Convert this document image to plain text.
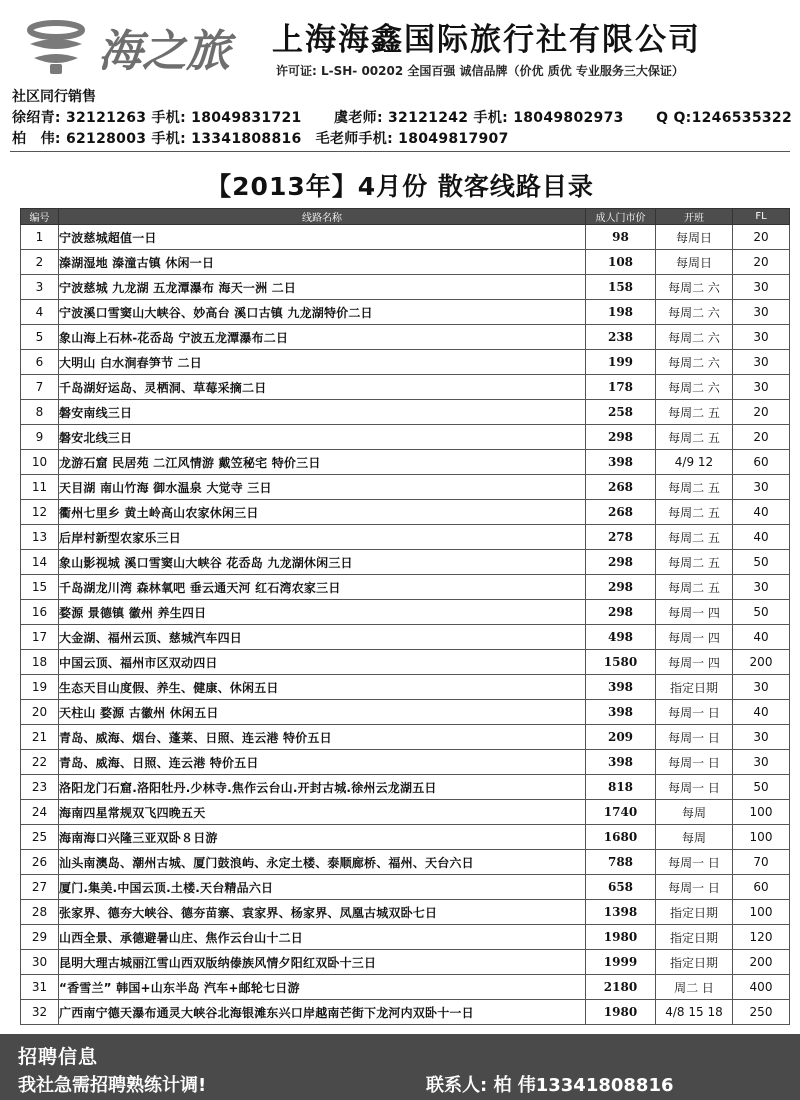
海之旅 上海海鑫国际旅行社有限公司
许可证: L-SH- 00202 全国百强 诚信品牌（价优 质优 专业服务三大保证）
社区同行销售
徐绍青: 32121263 手机: 18049831721 虞老师: 32121242 手机: 18049802973 Q Q:1246535322
柏　伟: 62128003 手机: 13341808816 毛老师手机: 18049817907
【2013年】4月份 散客线路目录
编号	线路名称	成人门市价	开班	FL
1	宁波慈城超值一日	98	每周日	20
2	溱湖湿地 溱潼古镇 休闲一日	108	每周日	20
3	宁波慈城 九龙湖 五龙潭瀑布 海天一洲 二日	158	每周二 六	30
4	宁波溪口雪窦山大峡谷、妙高台 溪口古镇 九龙湖特价二日	198	每周二 六	30
5	象山海上石林-花岙岛 宁波五龙潭瀑布二日	238	每周二 六	30
6	大明山 白水涧春笋节 二日	199	每周二 六	30
7	千岛湖好运岛、灵栖洞、草莓采摘二日	178	每周二 六	30
8	磐安南线三日	258	每周二 五	20
9	磐安北线三日	298	每周二 五	20
10	龙游石窟 民居苑 二江风情游 戴笠秘宅 特价三日	398	4/9 12	60
11	天目湖 南山竹海 御水温泉 大觉寺 三日	268	每周二 五	30
12	衢州七里乡 黄土岭高山农家休闲三日	268	每周二 五	40
13	后岸村新型农家乐三日	278	每周二 五	40
14	象山影视城 溪口雪窦山大峡谷 花岙岛 九龙湖休闲三日	298	每周二 五	50
15	千岛湖龙川湾 森林氧吧 垂云通天河 红石湾农家三日	298	每周二 五	30
16	婺源 景德镇 徽州 养生四日	298	每周一 四	50
17	大金湖、福州云顶、慈城汽车四日	498	每周一 四	40
18	中国云顶、福州市区双动四日	1580	每周一 四	200
19	生态天目山度假、养生、健康、休闲五日	398	指定日期	30
20	天柱山 婺源 古徽州 休闲五日	398	每周一 日	40
21	青岛、威海、烟台、蓬莱、日照、连云港 特价五日	209	每周一 日	30
22	青岛、威海、日照、连云港 特价五日	398	每周一 日	30
23	洛阳龙门石窟.洛阳牡丹.少林寺.焦作云台山.开封古城.徐州云龙湖五日	818	每周一 日	50
24	海南四星常规双飞四晚五天	1740	每周	100
25	海南海口兴隆三亚双卧８日游	1680	每周	100
26	汕头南澳岛、潮州古城、厦门鼓浪屿、永定土楼、泰顺廊桥、福州、天台六日	788	每周一 日	70
27	厦门.集美.中国云顶.土楼.天台精品六日	658	每周一 日	60
28	张家界、德夯大峡谷、德夯苗寨、袁家界、杨家界、凤凰古城双卧七日	1398	指定日期	100
29	山西全景、承德避暑山庄、焦作云台山十二日	1980	指定日期	120
30	昆明大理古城丽江雪山西双版纳傣族风情夕阳红双卧十三日	1999	指定日期	200
31	“香雪兰” 韩国+山东半岛 汽车+邮轮七日游	2180	周二 日	400
32	广西南宁德天瀑布通灵大峡谷北海银滩东兴口岸越南芒街下龙河内双卧十一日	1980	4/8 15 18	250
招聘信息
我社急需招聘熟练计调!	联系人: 柏 伟13341808816
